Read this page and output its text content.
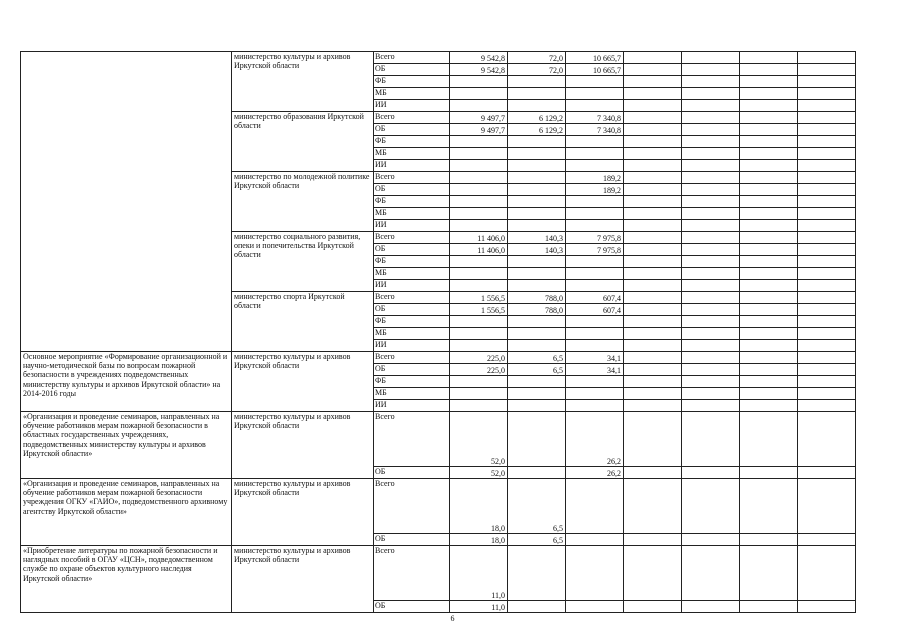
	министерство культуры и архивов Иркутской области	Всего	9 542,8	72,0	10 665,7				
		ОБ	9 542,8	72,0	10 665,7				
		ФБ							
		МБ							
		ИИ							
	министерство образования Иркутской области	Всего	9 497,7	6 129,2	7 340,8				
		ОБ	9 497,7	6 129,2	7 340,8				
		ФБ							
		МБ							
		ИИ							
	министерство по молодежной политике Иркутской области	Всего			189,2				
		ОБ			189,2				
		ФБ							
		МБ							
		ИИ							
	министерство социального развития, опеки и попечительства Иркутской области	Всего	11 406,0	140,3	7 975,8				
		ОБ	11 406,0	140,3	7 975,8				
		ФБ							
		МБ							
		ИИ							
	министерство спорта Иркутской области	Всего	1 556,5	788,0	607,4				
		ОБ	1 556,5	788,0	607,4				
		ФБ							
		МБ							
		ИИ							
Основное мероприятие «Формирование организационной и научно-методической базы по вопросам пожарной безопасности в учреждениях подведомственных министерству культуры и архивов Иркутской области» на 2014-2016 годы	министерство культуры и архивов Иркутской области	Всего	225,0	6,5	34,1				
		ОБ	225,0	6,5	34,1				
		ФБ							
		МБ							
		ИИ							
«Организация и проведение семинаров, направленных на обучение работников мерам пожарной безопасности в областных государственных учреждениях, подведомственных министерству культуры и архивов Иркутской области»	министерство культуры и архивов Иркутской области	Всего	52,0		26,2				
		ОБ	52,0		26,2				
«Организация и проведение семинаров, направленных на обучение работников мерам пожарной безопасности учреждения ОГКУ «ГАИО», подведомственного архивному агентству Иркутской области»	министерство культуры и архивов Иркутской области	Всего	18,0	6,5					
		ОБ	18,0	6,5					
«Приобретение литературы по пожарной безопасности и наглядных пособий в ОГАУ «ЦСН», подведомственном службе по охране объектов культурного наследия Иркутской области»	министерство культуры и архивов Иркутской области	Всего	11,0						
		ОБ	11,0						
6
